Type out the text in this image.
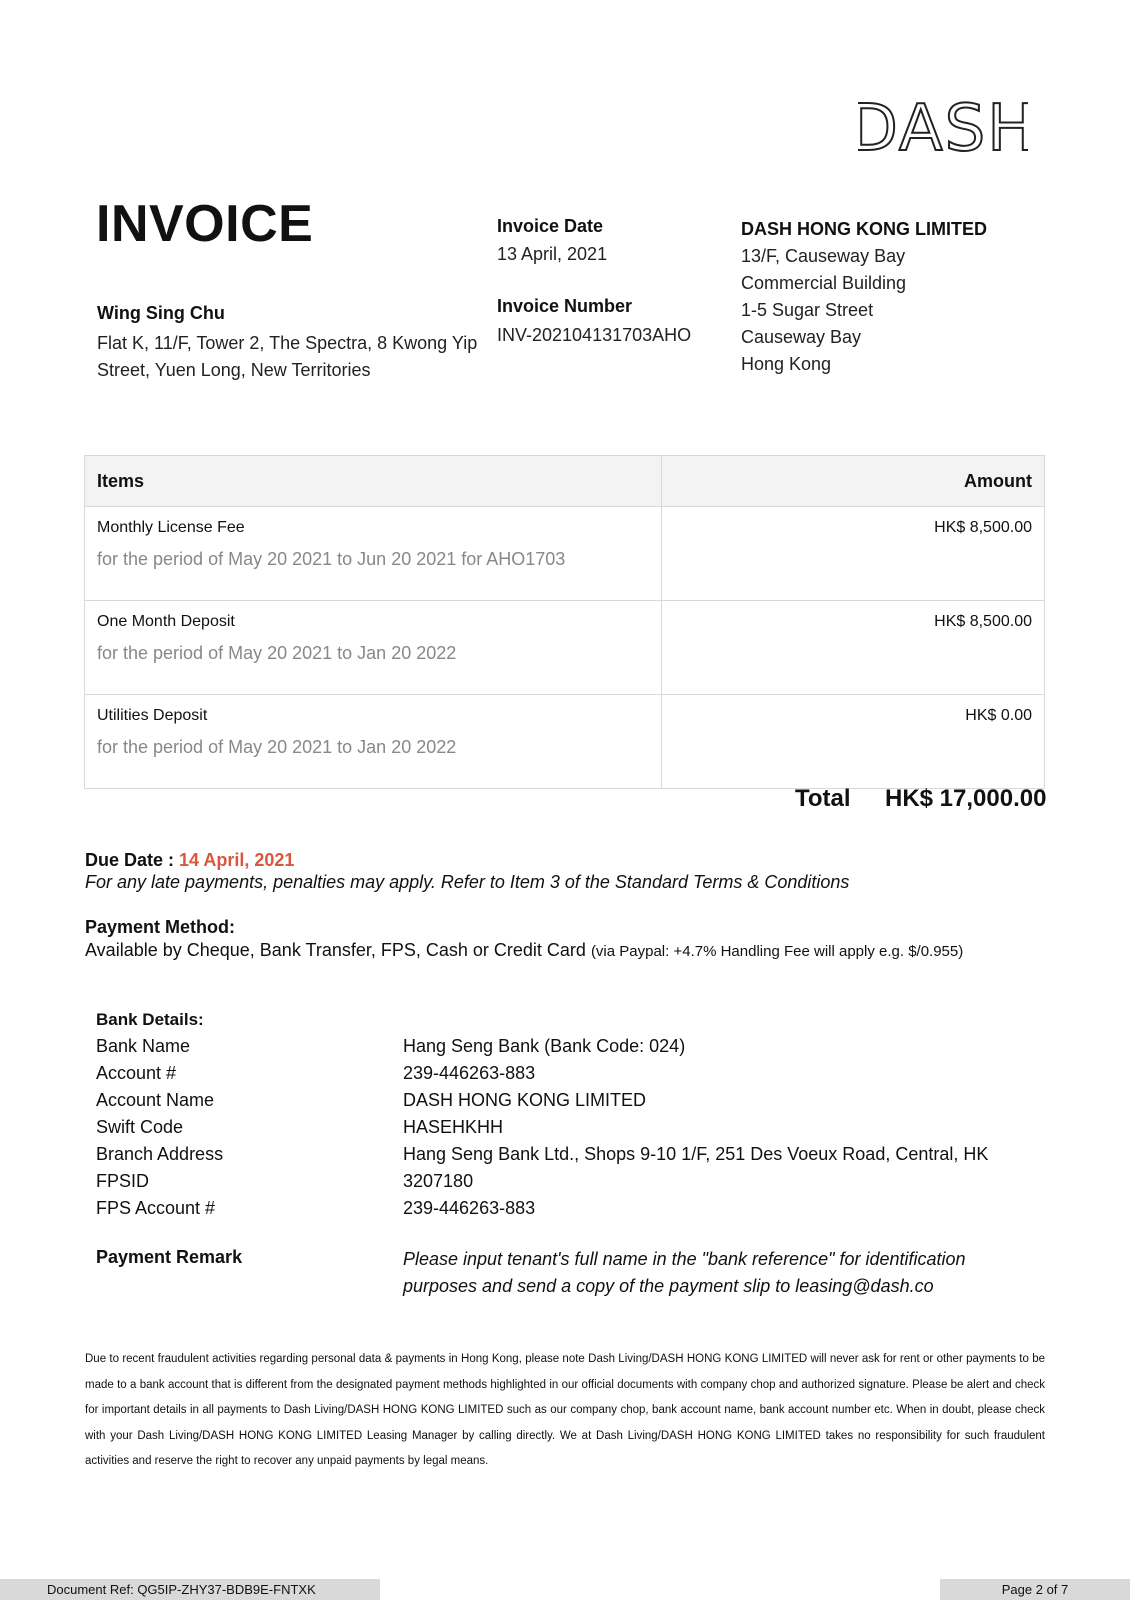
DASH
INVOICE
Wing Sing Chu
Flat K, 11/F, Tower 2, The Spectra, 8 Kwong Yip Street, Yuen Long, New Territories
Invoice Date
13 April, 2021
Invoice Number
INV-202104131703AHO
DASH HONG KONG LIMITED
13/F, Causeway Bay
Commercial Building
1-5 Sugar Street
Causeway Bay
Hong Kong
Items	Amount

Monthly License Fee
for the period of May 20 2021 to Jun 20 2021 for AHO1703	HK$ 8,500.00

One Month Deposit
for the period of May 20 2021 to Jan 20 2022	HK$ 8,500.00

Utilities Deposit
for the period of May 20 2021 to Jan 20 2022	HK$ 0.00
Total HK$ 17,000.00
Due Date : 14 April, 2021
For any late payments, penalties may apply. Refer to Item 3 of the Standard Terms & Conditions
Payment Method:
Available by Cheque, Bank Transfer, FPS, Cash or Credit Card (via Paypal: +4.7% Handling Fee will apply e.g. $/0.955)
Bank Details:
Bank Name	Hang Seng Bank (Bank Code: 024)
Account #	239-446263-883
Account Name	DASH HONG KONG LIMITED
Swift Code	HASEHKHH
Branch Address	Hang Seng Bank Ltd., Shops 9-10 1/F, 251 Des Voeux Road, Central, HK
FPSID	3207180
FPS Account #	239-446263-883
Payment Remark	Please input tenant's full name in the "bank reference" for identification purposes and send a copy of the payment slip to leasing@dash.co
Due to recent fraudulent activities regarding personal data & payments in Hong Kong, please note Dash Living/DASH HONG KONG LIMITED will never ask for rent or other payments to be made to a bank account that is different from the designated payment methods highlighted in our official documents with company chop and authorized signature. Please be alert and check for important details in all payments to Dash Living/DASH HONG KONG LIMITED such as our company chop, bank account name, bank account number etc. When in doubt, please check with your Dash Living/DASH HONG KONG LIMITED Leasing Manager by calling directly. We at Dash Living/DASH HONG KONG LIMITED takes no responsibility for such fraudulent activities and reserve the right to recover any unpaid payments by legal means.
Document Ref: QG5IP-ZHY37-BDB9E-FNTXK	Page 2 of 7
